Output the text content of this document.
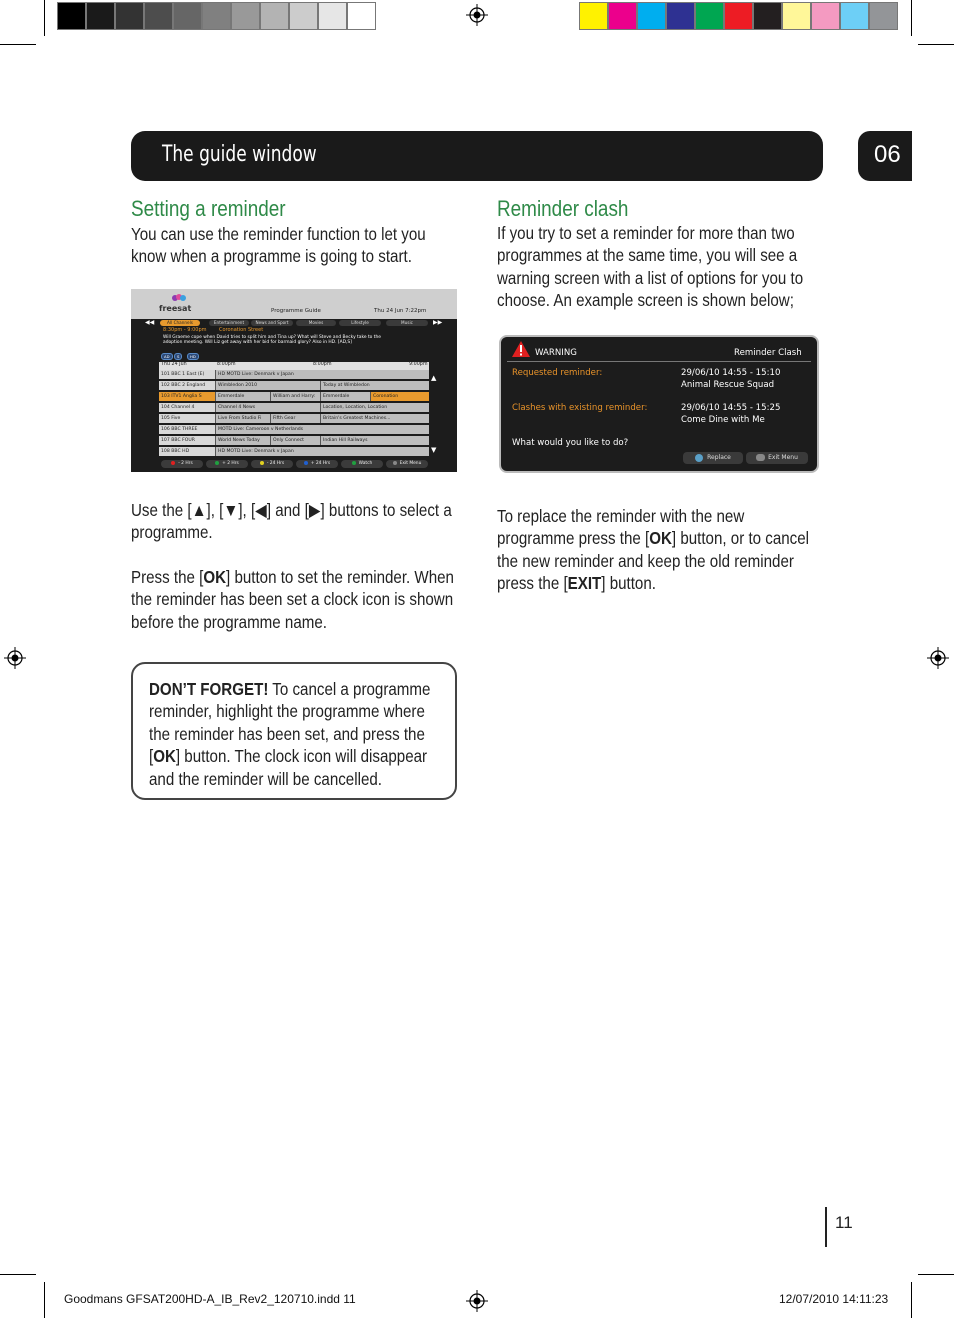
The guide window	06
Setting a reminder
You can use the reminder function to let you know when a programme is going to start.
freesat	Programme Guide	Thu 24 Jun 7:22pm
◀◀	▶▶
8:30pm - 9:00pm Coronation Street
Will Graeme cope when David tries to split him and Tina up? What will Steve and Becky take to the
adoption meeting. Will Liz get away with her bid for barmaid glory? Also in HD. [AD,S]
Thu 24 Jun	8:00pm	8:00pm	9:00pm
▲
▼
All Channels	Entertainment	News and Sport	Movies	Lifestyle	Music
AD	S	HD
101 BBC 1 East (E)	HD MOTD Live: Denmark v Japan
102 BBC 2 England	Wimbledon 2010	Today at Wimbledon
103 ITV1 Anglia S	Emmerdale	William and Harry:	Emmerdale	Coronation
104 Channel 4	Channel 4 News	Location, Location, Location
105 Five	Live From Studio Fi	Fifth Gear	Britain's Greatest Machines...
106 BBC THREE	MOTD Live: Cameroon v Netherlands
107 BBC FOUR	World News Today	Only Connect	Indian Hill Railways
108 BBC HD	HD MOTD Live: Denmark v Japan
- 2 Hrs	+ 2 Hrs	- 24 Hrs	+ 24 Hrs	Watch	Exit Menu
Use the [▲], [▼], [◀] and [▶] buttons to select a programme.
Press the [OK] button to set the reminder. When the reminder has been set a clock icon is shown before the programme name.
DON’T FORGET! To cancel a programme reminder, highlight the programme where the reminder has been set, and press the [OK] button. The clock icon will disappear and the reminder will be cancelled.
Reminder clash
If you try to set a reminder for more than two programmes at the same time, you will see a warning screen with a list of options for you to choose. An example screen is shown below;
WARNING	Reminder Clash
Requested reminder:	29/06/10 14:55 - 15:10
Animal Rescue Squad
Clashes with existing reminder:	29/06/10 14:55 - 15:25
Come Dine with Me
What would you like to do?
Replace	Exit Menu
To replace the reminder with the new programme press the [OK] button, or to cancel the new reminder and keep the old reminder press the [EXIT] button.
11
Goodmans GFSAT200HD-A_IB_Rev2_120710.indd 11	12/07/2010 14:11:23
